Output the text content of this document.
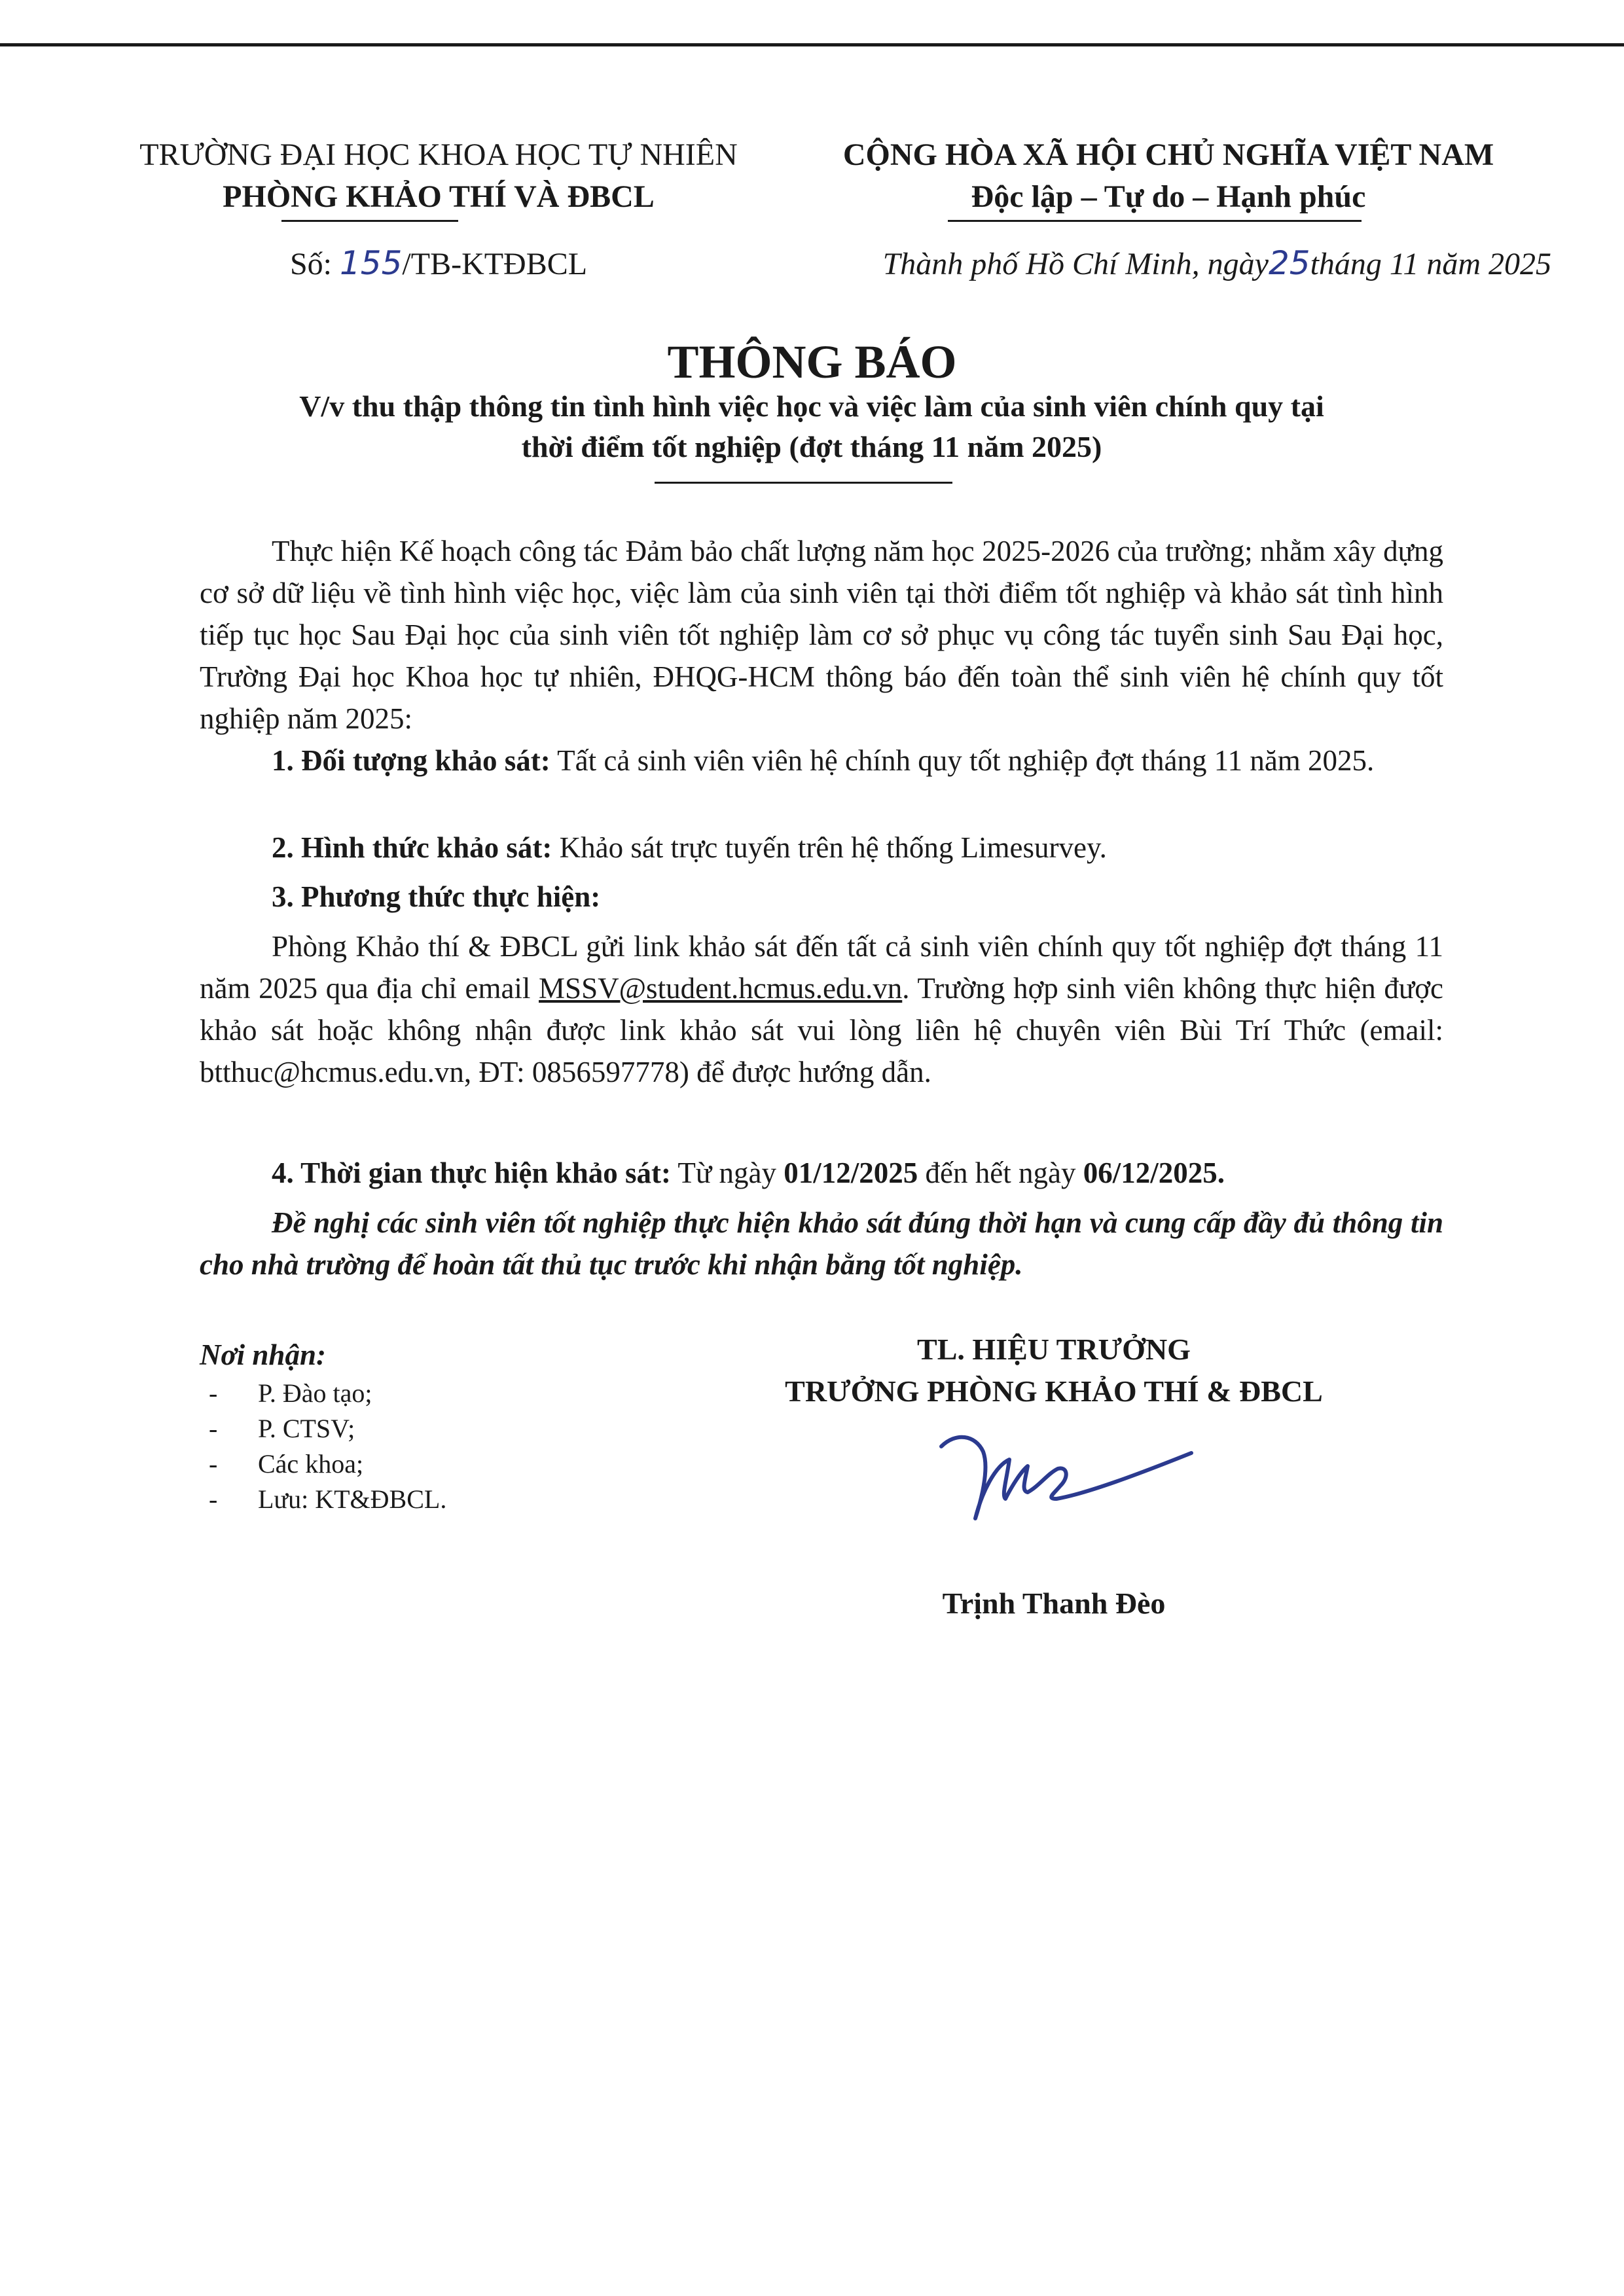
TRƯỜNG ĐẠI HỌC KHOA HỌC TỰ NHIÊN
PHÒNG KHẢO THÍ VÀ ĐBCL
CỘNG HÒA XÃ HỘI CHỦ NGHĨA VIỆT NAM
Độc lập – Tự do – Hạnh phúc
Số: 155/TB-KTĐBCL	Thành phố Hồ Chí Minh, ngày25tháng 11 năm 2025
THÔNG BÁO
V/v thu thập thông tin tình hình việc học và việc làm của sinh viên chính quy tại
thời điểm tốt nghiệp (đợt tháng 11 năm 2025)
Thực hiện Kế hoạch công tác Đảm bảo chất lượng năm học 2025-2026 của trường; nhằm xây dựng cơ sở dữ liệu về tình hình việc học, việc làm của sinh viên tại thời điểm tốt nghiệp và khảo sát tình hình tiếp tục học Sau Đại học của sinh viên tốt nghiệp làm cơ sở phục vụ công tác tuyển sinh Sau Đại học, Trường Đại học Khoa học tự nhiên, ĐHQG-HCM thông báo đến toàn thể sinh viên hệ chính quy tốt nghiệp năm 2025:
1. Đối tượng khảo sát: Tất cả sinh viên viên hệ chính quy tốt nghiệp đợt tháng 11 năm 2025.
2. Hình thức khảo sát: Khảo sát trực tuyến trên hệ thống Limesurvey.
3. Phương thức thực hiện:
Phòng Khảo thí & ĐBCL gửi link khảo sát đến tất cả sinh viên chính quy tốt nghiệp đợt tháng 11 năm 2025 qua địa chỉ email MSSV@student.hcmus.edu.vn. Trường hợp sinh viên không thực hiện được khảo sát hoặc không nhận được link khảo sát vui lòng liên hệ chuyên viên Bùi Trí Thức (email: btthuc@hcmus.edu.vn, ĐT: 0856597778) để được hướng dẫn.
4. Thời gian thực hiện khảo sát: Từ ngày 01/12/2025 đến hết ngày 06/12/2025.
Đề nghị các sinh viên tốt nghiệp thực hiện khảo sát đúng thời hạn và cung cấp đầy đủ thông tin cho nhà trường để hoàn tất thủ tục trước khi nhận bằng tốt nghiệp.
Nơi nhận:
-	P. Đào tạo;
-	P. CTSV;
-	Các khoa;
-	Lưu: KT&ĐBCL.
TL. HIỆU TRƯỞNG
TRƯỞNG PHÒNG KHẢO THÍ & ĐBCL
Trịnh Thanh Đèo
